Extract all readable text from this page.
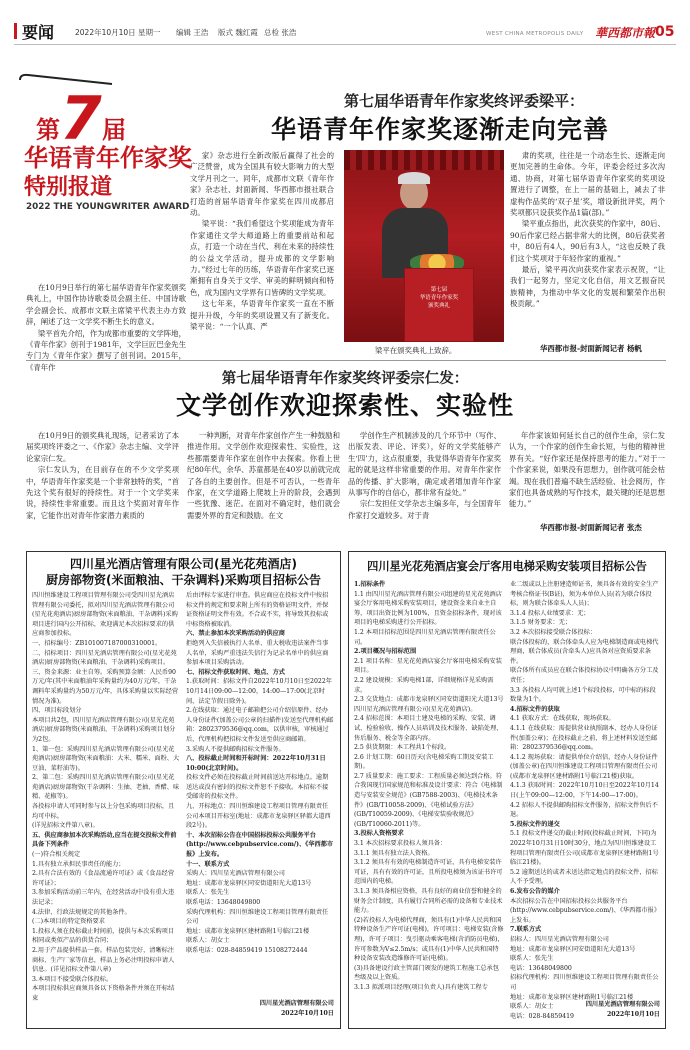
要闻	2022年10月10日 星期一 编辑 王浩 版式 魏红霞 总检 张浩	WEST CHINA METROPOLIS DAILY 華西都市報 05
第 7 届
华语青年作家奖
特别报道
2022 THE YOUNGWRITER AWARD
第七届华语青年作家奖终评委梁平：
华语青年作家奖逐渐走向完善

在10月9日举行的第七届华语青年作家奖颁奖典礼上，中国作协诗歌委员会副主任、中国诗歌学会副会长、成都市文联主席梁平代表主办方致辞，阐述了这一文学奖不断生长的意义。

梁平首先介绍，作为成都市重要的文学阵地，《青年作家》创刊于1981年，文学巨匠巴金先生专门为《青年作家》撰写了创刊词。2015年，《青年作

家》杂志进行全新改版后赢得了社会的广泛赞誉，成为全国具有较大影响力的大型文学月刊之一。同年，成都市文联《青年作家》杂志社、封面新闻、华西都市报社联合打造的首届华语青年作家奖在四川成都启动。

梁平说：“我们希望这个奖项能成为青年作家通往文学大师道路上的重要前站和起点，打造一个动在当代、利在未来的持续性的公益文学活动，提升成都的文学影响力。”经过七年的历练，华语青年作家奖已逐渐拥有自身关于文学、审美的鲜明倾向和特色，成为国内文学界有口皆碑的文学奖项。

这七年来，华语青年作家奖一直在不断提升升级，今年的奖项设置又有了新变化。梁平说：“一个认真、严

第七届
华语青年作家奖
颁奖典礼
梁平在颁奖典礼上致辞。

肃的奖项，往往是一个动态生长、逐渐走向更加完善的生命体。今年，评委会经过多次沟通、协商，对第七届华语青年作家奖的奖项设置进行了调整，在上一届的基础上，减去了非虚构作品奖的‘双子星’奖，增设新批评奖，两个奖项都只设获奖作品1篇(部)。”

梁平重点指出，此次获奖的作家中，80后、90后作家已经占据非常大的比例，80后获奖者中，80后有4人，90后有3人，“这也反映了我们这个奖项对于年轻作家的重视。”

最后，梁平再次向获奖作家表示祝贺，“让我们一起努力，坚定文化自信，用文艺振奋民族精神，为推动中华文化的发展和繁荣作出积极贡献。”

华西都市报-封面新闻记者 杨帆
第七届华语青年作家奖终评委宗仁发：
文学创作欢迎探索性、实验性

在10月9日的颁奖典礼现场，记者采访了本届奖项终评委之一、《作家》杂志主编、文学评论家宗仁发。

宗仁发认为，在目前存在的不少文学奖项中，华语青年作家奖是一个非常独特的奖，“首先这个奖有很好的持续性。对于一个文学奖来说，持续性非常重要。而且这个奖面对青年作家，它能作出对青年作家潜力素质的

一种判断，对青年作家创作产生一种鼓励和推进作用。文学创作欢迎探索性、实验性，这些都需要青年作家在创作中去探索。你看上世纪80年代，余华、苏童都是在40岁以前就完成了各自的主要创作。但是不可否认，一些青年作家，在文学道路上爬坡上升的阶段，会遇到一些犹豫、迷茫。在面对不确定时，他们就会需要外界的肯定和鼓励。在文

学创作生产机制涉及的几个环节中（写作、出版发表、评论、评奖），好的文学奖能够产生‘四’力，这点很重要，我觉得华语青年作家奖起的就是这样非常重要的作用。对青年作家作品的传播、扩大影响，确定或者增加青年作家从事写作的自信心，都非常有益处。”

宗仁发担任文学杂志主编多年，与全国青年作家打交道较多。对于青

年作家该如何延长自己的创作生命，宗仁发认为，一个作家的创作生命长短，与他的精神世界有关。“好作家还是保持思考的能力。”对于一个作家来说，如果没有思想力，创作就可能会枯竭。现在我们普遍不缺生活经验、社会阅历，作家们也具备成熟的写作技术，最关键的还是思想能力。”

华西都市报-封面新闻记者 张杰
四川星光酒店管理有限公司(星光花苑酒店)
厨房部物资(米面粮油、干杂调料)采购项目招标公告

四川恒维建设工程项目管理有限公司受四川星光酒店管理有限公司委托，拟对四川星光酒店管理有限公司(星光花苑酒店)厨房部物资(米面粮油、干杂调料)采购项目进行国内公开招标，欢迎满足本次招标要求的供应商参加投标。

一、招标编号：ZB10100718700031000​1。

二、招标项目：四川星光酒店管理有限公司(星光花苑酒店)厨房部物资(米面粮油、干杂调料)采购项目。

三、资金来源：业主自筹。采购预算金额：人民币90万元/年(其中米面粮油年采购量约为40万元/年，干杂调料年采购量约为50万元/年，具体采购量以实际经营情况为准)。

四、项目标段划分

本项目共2包，四川星光酒店管理有限公司(星光花苑酒店)厨房部物资(米面粮油、干杂调料)采购项目划分为2包。

1、第一包：采购四川星光酒店管理有限公司(星光花苑酒店)厨房部物资(米面粮油：大米、糯米、面粉、大豆油、菜籽油等)。

2、第二包：采购四川星光酒店管理有限公司(星光花苑酒店)厨房部物资(干杂调料：生抽、老抽、香醋、味精、花椒等)。

各投标申请人可同时参与以上分包采购项目投标，且均可中标。

(详见招标文件第八章)。

五、供应商参加本次采购活动,应当在提交投标文件前具备下列条件

(一)符合相关规定

1.具有独立承担民事责任的能力；

2.具有合法有效的《食品流通许可证》或《食品经营许可证》；

3.参加采购活动前三年内，在经营活动中没有重大违法记录；

4.法律、行政法规规定的其他条件。

(二)本项目的特定资格要求

1.投标人须在投标截止时间前，提供与本次采购项目相同或类似产品的供货合同；

2.用于产品提供样品一套。样品包装完好，清晰标注商标、生产厂家等信息，样品上务必注明投标申请人信息。(详见招标文件第八章)

3.本项目不接受联合体投标。

本项目投标供应商须具备以下资格条件并须在开标结束

后由评标专家进行审查。供应商应在投标文件中按招标文件的规定和要求附上所有的资格证明文件，并保证资格证明文件有效。不合或不实，将导致其投标或中标资格被取消。

六、禁止参加本次采购活动的供应商

拒绝列入失信被执行人名单、重大税收违法案件当事人名单，采购严重违法失信行为记录名单中的供应商参加本项目采购活动。

七、招标文件获取时间、地点、方式

1.获取时间：招标文件自2022年10月10日至2022年10月14日09:00—12:00，14:00—17:00(北京时间，法定节假日除外)。

2.在线获取：通过电子邮箱把公司介绍信原件、经办人身份证件(加盖公司公章的扫描件)发送至代理机构邮箱：2802379536@qq.com，以供审核，审核通过后，代理机构把招标文件发送至供应商邮箱。

3.采购人不提供邮购招标文件服务。

八、投标截止时间和开标时间：2022年10月31日10:00(北京时间)。

投标文件必须在投标截止时间前送达开标地点。逾期送达或没有密封的投标文件恕不予接收。本招标不接受邮寄的投标文件。

九、开标地点：四川恒维建设工程项目管理有限责任公司本项目开标室(地址：成都市龙泉驿区驿都大道西段2号)。

十、本次招标公告在中国招标投标公共服务平台(http://www.cebpubservice.com/)、《华西都市报》上发布。

十一、联系方式

采购人：四川星光酒店管理有限公司

地址：成都市龙泉驿区同安街道阳光大道13号

联系人：张先生

联系电话：13648049800

采购代理机构：四川恒维建设工程项目管理有限责任公司

地址：成都市龙泉驿区建材路附1号临江21楼

联系人：胡女士

联系电话：028-84859419 15108272444

四川星光酒店管理有限公司

2022年10月10日

四川星光花苑酒店宴会厅客用电梯采购安装项目招标公告

1.招标条件

1.1 由四川星光酒店管理有限公司组建的星光花苑酒店宴会厅客用电梯采购安装项目，建设资金来自业主自筹，项目出资比例为100%，且资金招标条件，现对该项目的电梯采购进行公开招标。

1.2 本项目招标范围是四川星光酒店管理有限责任公司。

2.项目概况与招标范围

2.1 项目名称：星光花苑酒店宴会厅客用电梯采购安装项目。

2.2 建设规模：采购电梯1部，详细规格详见采购需求。

2.3 交货地点：成都市龙泉驿区同安街道阳光大道13号四川星光酒店管理有限公司(星光花苑酒店)。

2.4 招标范围：本项目土建及电梯的采购、安装、调试、检验验收、操作人员培训及技术服务、缺陷处理、售后服务、税金等全部内容。

2.5 供货期限：本工程共1个标段。

2.6 计划工期：60日历天(含电梯采购工期及安装工期)。

2.7 质量要求：施工要求：工程质量必须达到合格。符合我国现行国家规范和标准及设计要求：符合《电梯制造与安装安全规范》(GB7588-2003)、《电梯技术条件》(GB/T10058-2009)、《电梯试验方法》(GB/T10059-2009)、《电梯安装验收规范》(GB/T10060-2011)等。

3.投标人资格要求

3.1 本次招标要求投标人须具备：

3.1.1 须具有独立法人资格。

3.1.2 须具有有效的电梯制造许可证，具有电梯安装许可证，具有有效的许可证，且所投电梯须为该证书许可范围内的电梯。

3.1.3 须具备相应资格，具有良好的商业信誉和健全的财务会计制度，具有履行合同所必需的设备和专业技术能力。

(2)若投标人为电梯代理商，须具有(1)中华人民共和国特种设备生产许可证(电梯)，许可项目：电梯安装(含修理)，许可子项目：曳引驱动乘客电梯(含消防员电梯)，许可参数为V≤2.5m/s；或具有(1)中华人民共和国特种设备安装改造维修许可证(电梯)。

(3)具备建设行政主管部门颁发的建筑工程施工总承包叁级及以上资质。

3.1.3 拟派项目经理(项目负责人)具有建筑工程专

业二级或以上注册建造师证书，须具备有效的安全生产考核合格证书(B证)，须为本单位人员(若为联合体投标，则为联合体牵头人人员)；

3.1.4 投标人业绩要求：无；

3.1.5 财务要求：无；

3.2 本次招标接受联合体投标：

联合体投标的，联合体牵头人应为电梯制造商或电梯代理商，联合体成员(含牵头人)应具备对应资质要求条件。

联合体所有成员应在联合体投标协议中明确各方分工及责任；

3.3 各投标人均可就上述1个标段投标，可中标的标段数量为1个。

4.招标文件的获取

4.1 获取方式：在线获取，现场获取。

4.1.1 在线获取：需提供营业执照副本、经办人身份证件(加盖公章)；在投标截止之前，将上述材料发送至邮箱：2802379536@qq.com。

4.1.2 现场获取：请提供单位介绍信，经办人身份证件(加盖公章)在四川恒维建设工程项目管理有限责任公司(成都市龙泉驿区建材路附1号临江21楼)获取。

4.1.3 获取时间：2022年10月10日至2022年10月14日(上午09:00—12:00，下午14:00—17:00)。

4.2 招标人不提供邮购招标文件服务，招标文件售后不退。

5.投标文件的递交

5.1 投标文件递交的截止时间(投标截止时间，下同)为2022年10月31日10时30分，地点为四川恒维建设工程项目管理有限责任公司(成都市龙泉驿区建材路附1号临江21楼)。

5.2 逾期送达的或者未送达指定地点的投标文件，招标人不予受理。

6.发布公告的媒介

本次招标公告在中国招标投标公共服务平台(http://www.cebpubservice.com/)、《华西都市报》上发布。

7.联系方式

招标人：四川星光酒店管理有限公司

地址：成都市龙泉驿区同安街道阳光大道13号

联系人：张先生

电话：13648049800

招标代理机构：四川恒维建设工程项目管理有限责任公司

地址：成都市龙泉驿区建材路附1号临江21楼

联系人：胡女士

电话：028-84859419

四川星光酒店管理有限公司

2022年10月10日
